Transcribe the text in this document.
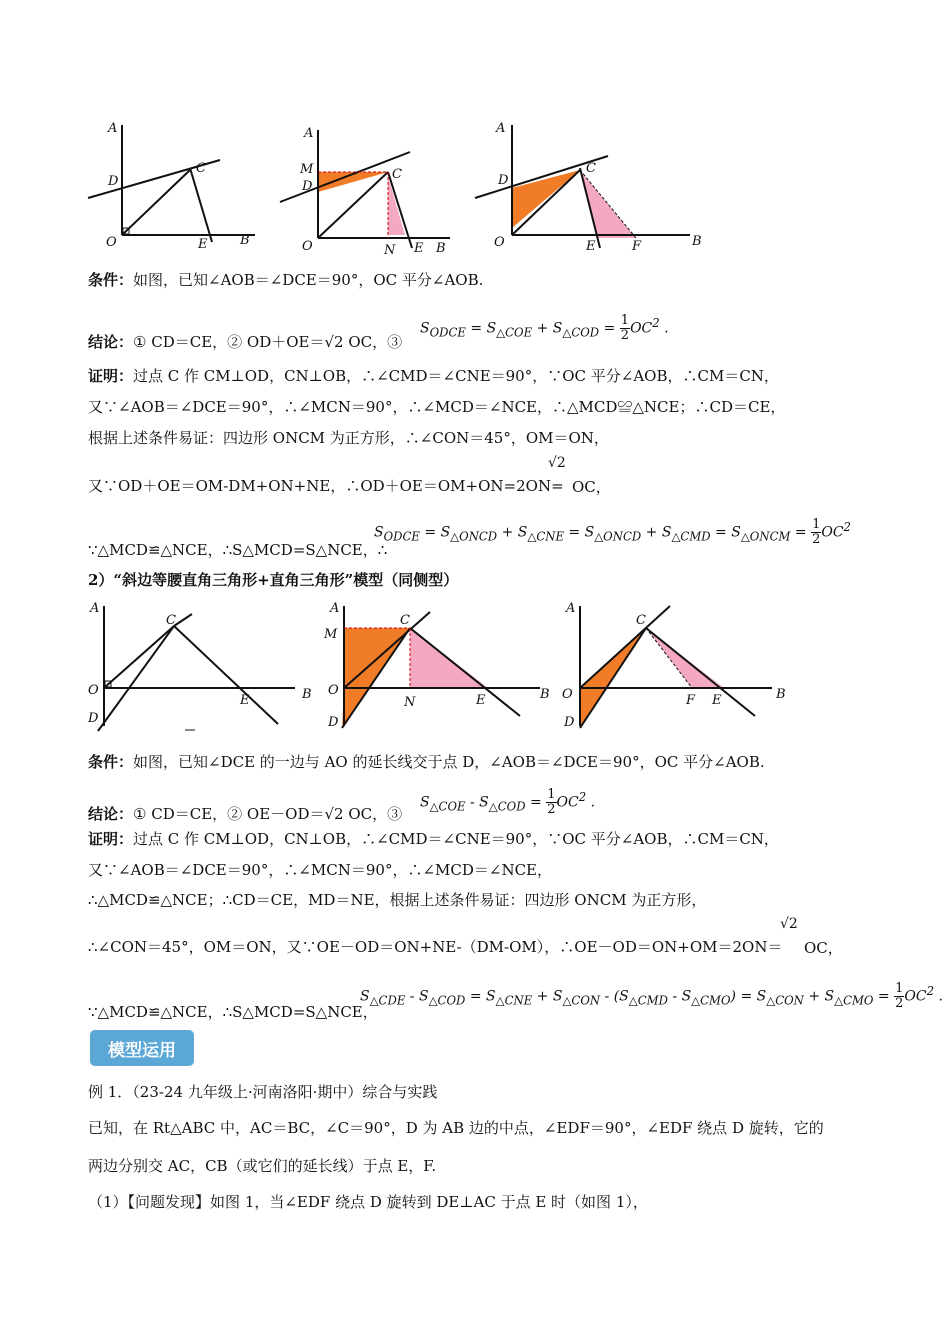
A
D
C
O	E	B
A
M
D
C
O	N E B
A
D
C
O	E	F	B
条件：如图，已知∠AOB＝∠DCE＝90°，OC 平分∠AOB.
结论：① CD＝CE，② OD＋OE＝√2 OC，③
$S_{ODCE} = S_{\triangle COE} + S_{\triangle COD} = \frac{1}{2} OC^2$ .
证明：过点 C 作 CM⊥OD，CN⊥OB，∴∠CMD＝∠CNE＝90°，∵OC 平分∠AOB，∴CM＝CN，
又∵∠AOB＝∠DCE＝90°，∴∠MCN＝90°，∴∠MCD＝∠NCE，∴△MCD≌△NCE；∴CD＝CE，
根据上述条件易证：四边形 ONCM 为正方形，∴∠CON＝45°，OM＝ON，
又∵OD＋OE＝OM-DM+ON+NE，∴OD＋OE＝OM+ON=2ON=
√2
OC，
∵△MCD≌△NCE，∴S△MCD=S△NCE，∴
$S_{ODCE} = S_{\triangle ONCD} + S_{\triangle CNE} = S_{\triangle ONCD} + S_{\triangle CMD} = S_{\triangle ONCM} = \frac{1}{2} OC^2$
2）“斜边等腰直角三角形+直角三角形”模型（同侧型）
A
C
O
D
E	B
A
M
C
O
D
N	E	B
A
C
O
D
F E	B
条件：如图，已知∠DCE 的一边与 AO 的延长线交于点 D，∠AOB＝∠DCE＝90°，OC 平分∠AOB.
结论：① CD＝CE，② OE－OD＝√2 OC，③
$S_{\triangle COE} - S_{\triangle COD} = \frac{1}{2} OC^2$ .
证明：过点 C 作 CM⊥OD，CN⊥OB，∴∠CMD＝∠CNE＝90°，∵OC 平分∠AOB，∴CM＝CN，
又∵∠AOB＝∠DCE＝90°，∴∠MCN＝90°，∴∠MCD＝∠NCE，
∴△MCD≌△NCE；∴CD＝CE，MD＝NE，根据上述条件易证：四边形 ONCM 为正方形，
∴∠CON＝45°，OM＝ON，又∵OE－OD＝ON+NE-（DM-OM），∴OE－OD＝ON+OM＝2ON＝
√2
OC，
∵△MCD≌△NCE，∴S△MCD=S△NCE，
$S_{\triangle CDE} - S_{\triangle COD} = S_{\triangle CNE} + S_{\triangle CON} - (S_{\triangle CMD} - S_{\triangle CMO}) = S_{\triangle CON} + S_{\triangle CMO} = \frac{1}{2} OC^2$ .
模型运用
例 1．（23-24 九年级上·河南洛阳·期中）综合与实践
已知，在 Rt△ABC 中，AC＝BC，∠C＝90°，D 为 AB 边的中点，∠EDF＝90°，∠EDF 绕点 D 旋转，它的
两边分别交 AC，CB（或它们的延长线）于点 E，F.
（1）【问题发现】如图 1，当∠EDF 绕点 D 旋转到 DE⊥AC 于点 E 时（如图 1），
